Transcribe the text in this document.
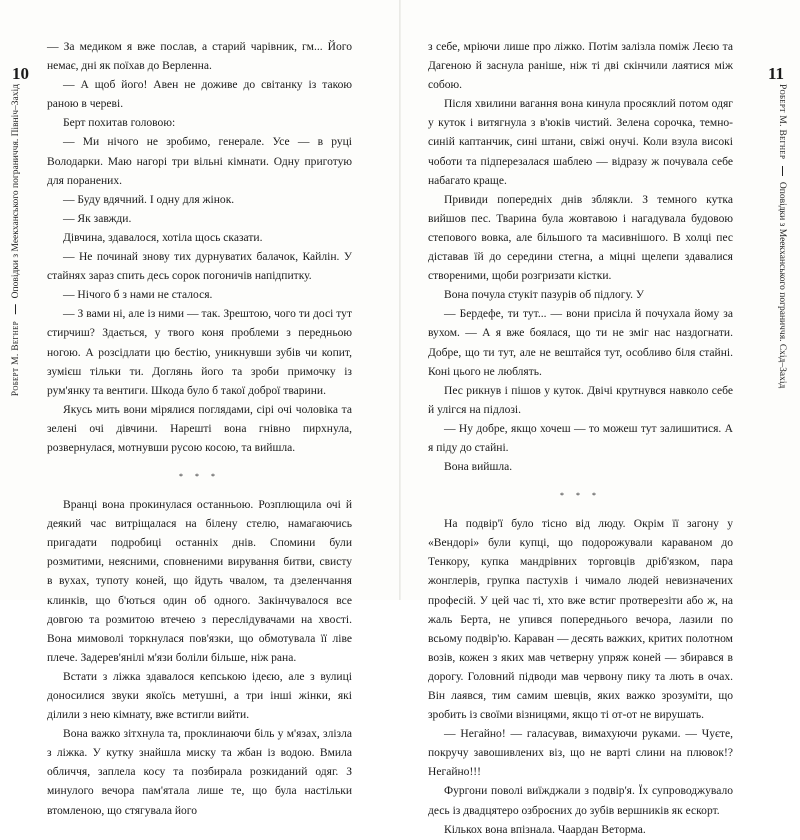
10
Роберт М. Вегнер  Оповідки з Меекханського пограниччя. Північ–Захід

— За медиком я вже послав, а старий чарівник, гм... Його немає, дні як поїхав до Верленна.

— А щоб його! Авен не доживе до світанку із такою раною в череві.

Берт похитав головою:

— Ми нічого не зробимо, генерале. Усе — в руці Володарки. Маю нагорі три вільні кімнати. Одну приготую для поранених.

— Буду вдячний. І одну для жінок.

— Як завжди.

Дівчина, здавалося, хотіла щось сказати.

— Не починай знову тих дурнуватих балачок, Кайлін. У стайнях зараз спить десь сорок погоничів напідпитку.

— Нічого б з нами не сталося.

— З вами ні, але із ними — так. Зрештою, чого ти досі тут стирчиш? Здається, у твого коня проблеми з передньою ногою. А розсідлати цю бестію, уникнувши зубів чи копит, зумієш тільки ти. Доглянь його та зроби примочку із рум'янку та вентиги. Шкода було б такої доброї тварини.

Якусь мить вони мірялися поглядами, сірі очі чоловіка та зелені очі дівчини. Нарешті вона гнівно пирхнула, розвернулася, мотнувши русою косою, та вийшла.

* * *

Вранці вона прокинулася останньою. Розплющила очі й деякий час витріщалася на білену стелю, намагаючись пригадати подробиці останніх днів. Спомини були розмитими, неясними, сповненими вирування битви, свисту в вухах, тупоту коней, що йдуть чвалом, та дзеленчання клинків, що б'ються один об одного. Закінчувалося все довгою та розмитою втечею з переслідувачами на хвості. Вона мимоволі торкнулася пов'язки, що обмотувала її ліве плече. Задерев'янілі м'язи боліли більше, ніж рана.

Встати з ліжка здавалося кепською ідеєю, але з вулиці доносилися звуки якоїсь метушні, а три інші жінки, які ділили з нею кімнату, вже встигли вийти.

Вона важко зітхнула та, проклинаючи біль у м'язах, злізла з ліжка. У кутку знайшла миску та жбан із водою. Вмила обличчя, заплела косу та позбирала розкиданий одяг. З минулого вечора пам'ятала лише те, що була настільки втомленою, що стягувала його

11
Роберт М. Вегнер  Оповідки з Меекханського пограниччя. Схід–Захід

з себе, мріючи лише про ліжко. Потім залізла поміж Леєю та Дагеною й заснула раніше, ніж ті дві скінчили лаятися між собою.

Після хвилини вагання вона кинула просяклий потом одяг у куток і витягнула з в'юків чистий. Зелена сорочка, темно-синій каптанчик, сині штани, свіжі онучі. Коли взула високі чоботи та підперезалася шаблею — відразу ж почувала себе набагато краще.

Привиди попередніх днів зблякли. З темного кутка вийшов пес. Тварина була жовтавою і нагадувала будовою степового вовка, але більшого та масивнішого. В холці пес діставав їй до середини стегна, а міцні щелепи здавалися створеними, щоби розгризати кістки.

Вона почула стукіт пазурів об підлогу. У

— Бердефе, ти тут... — вони присіла й почухала йому за вухом. — А я вже боялася, що ти не зміг нас наздогнати. Добре, що ти тут, але не вештайся тут, особливо біля стайні. Коні цього не люблять.

Пес рикнув і пішов у куток. Двічі крутнувся навколо себе й улігся на підлозі.

— Ну добре, якщо хочеш — то можеш тут залишитися. А я піду до стайні.

Вона вийшла.

* * *

На подвір'ї було тісно від люду. Окрім її загону у «Вендорі» були купці, що подорожували караваном до Тенкору, купка мандрівних торговців дріб'язком, пара жонглерів, групка пастухів і чимало людей невизначених професій. У цей час ті, хто вже встиг протверезіти або ж, на жаль Берта, не упився попереднього вечора, лазили по всьому подвір'ю. Караван — десять важких, критих полотном возів, кожен з яких мав четверну упряж коней — збирався в дорогу. Головний підводи мав червону пику та лють в очах. Він лаявся, тим самим шевців, яких важко зрозуміти, що зробить із своїми візницями, якщо ті от-от не вирушать.

— Негайно! — галасував, вимахуючи руками. — Чуєте, покручу завошивлених віз, що не варті слини на плювок!? Негайно!!!

Фургони поволі виїжджали з подвір'я. Їх супроводжувало десь із двадцятеро озброєних до зубів вершників як ескорт.

Кількох вона впізнала. Чаардан Ветормa.
